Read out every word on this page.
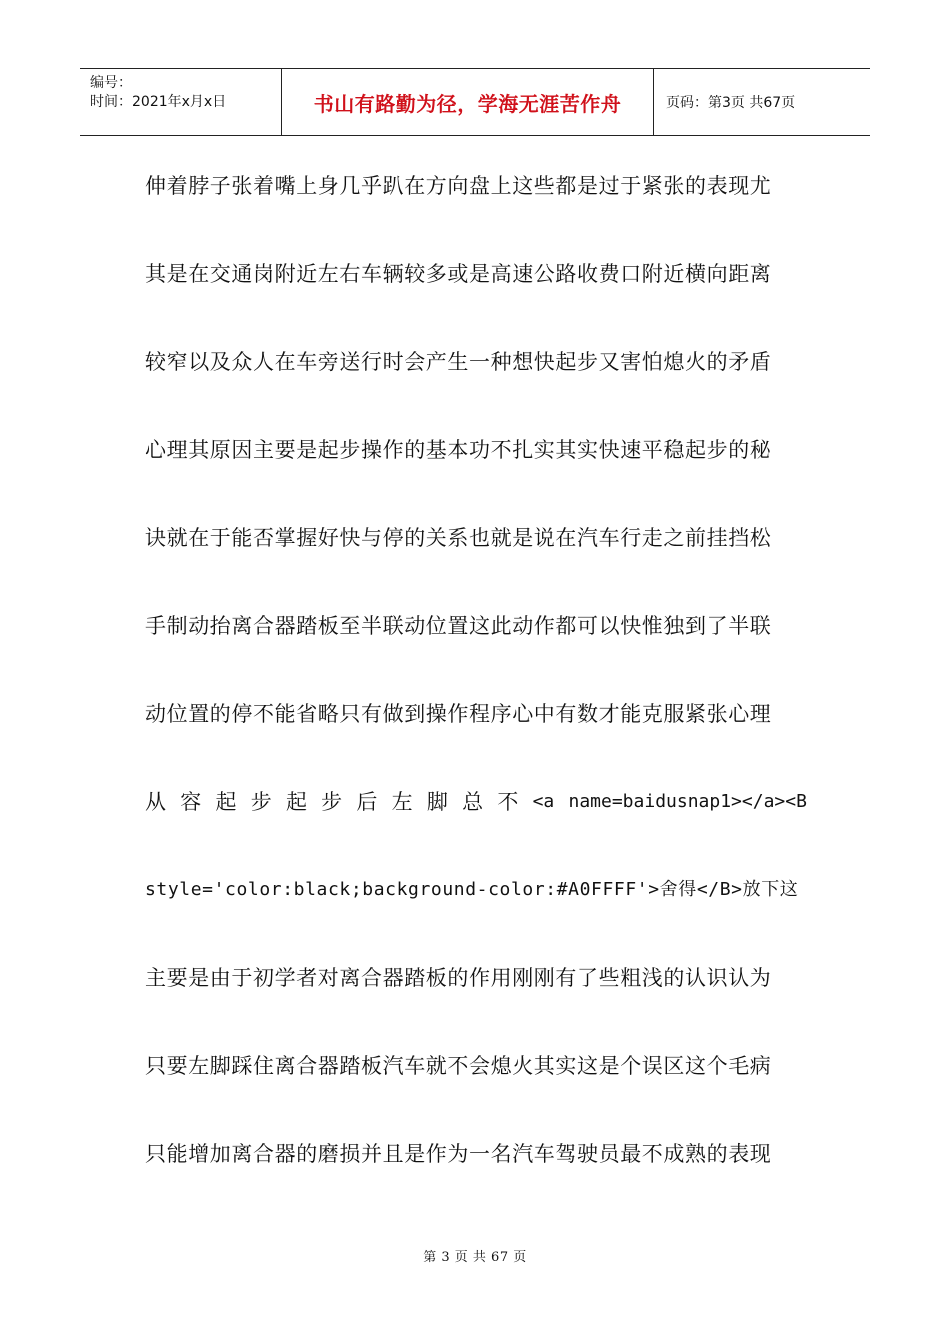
编号：
时间：2021年x月x日	书山有路勤为径，学海无涯苦作舟	页码：第3页 共67页
伸着脖子张着嘴上身几乎趴在方向盘上这些都是过于紧张的表现尤
其是在交通岗附近左右车辆较多或是高速公路收费口附近横向距离
较窄以及众人在车旁送行时会产生一种想快起步又害怕熄火的矛盾
心理其原因主要是起步操作的基本功不扎实其实快速平稳起步的秘
诀就在于能否掌握好快与停的关系也就是说在汽车行走之前挂挡松
手制动抬离合器踏板至半联动位置这此动作都可以快惟独到了半联
动位置的停不能省略只有做到操作程序心中有数才能克服紧张心理
从 容 起 步 起 步 后 左 脚 总 不 <a name=baidusnap1></a><B
style='color:black;background-color:#A0FFFF'>舍得</B>放下这
主要是由于初学者对离合器踏板的作用刚刚有了些粗浅的认识认为
只要左脚踩住离合器踏板汽车就不会熄火其实这是个误区这个毛病
只能增加离合器的磨损并且是作为一名汽车驾驶员最不成熟的表现
第 3 页 共 67 页
